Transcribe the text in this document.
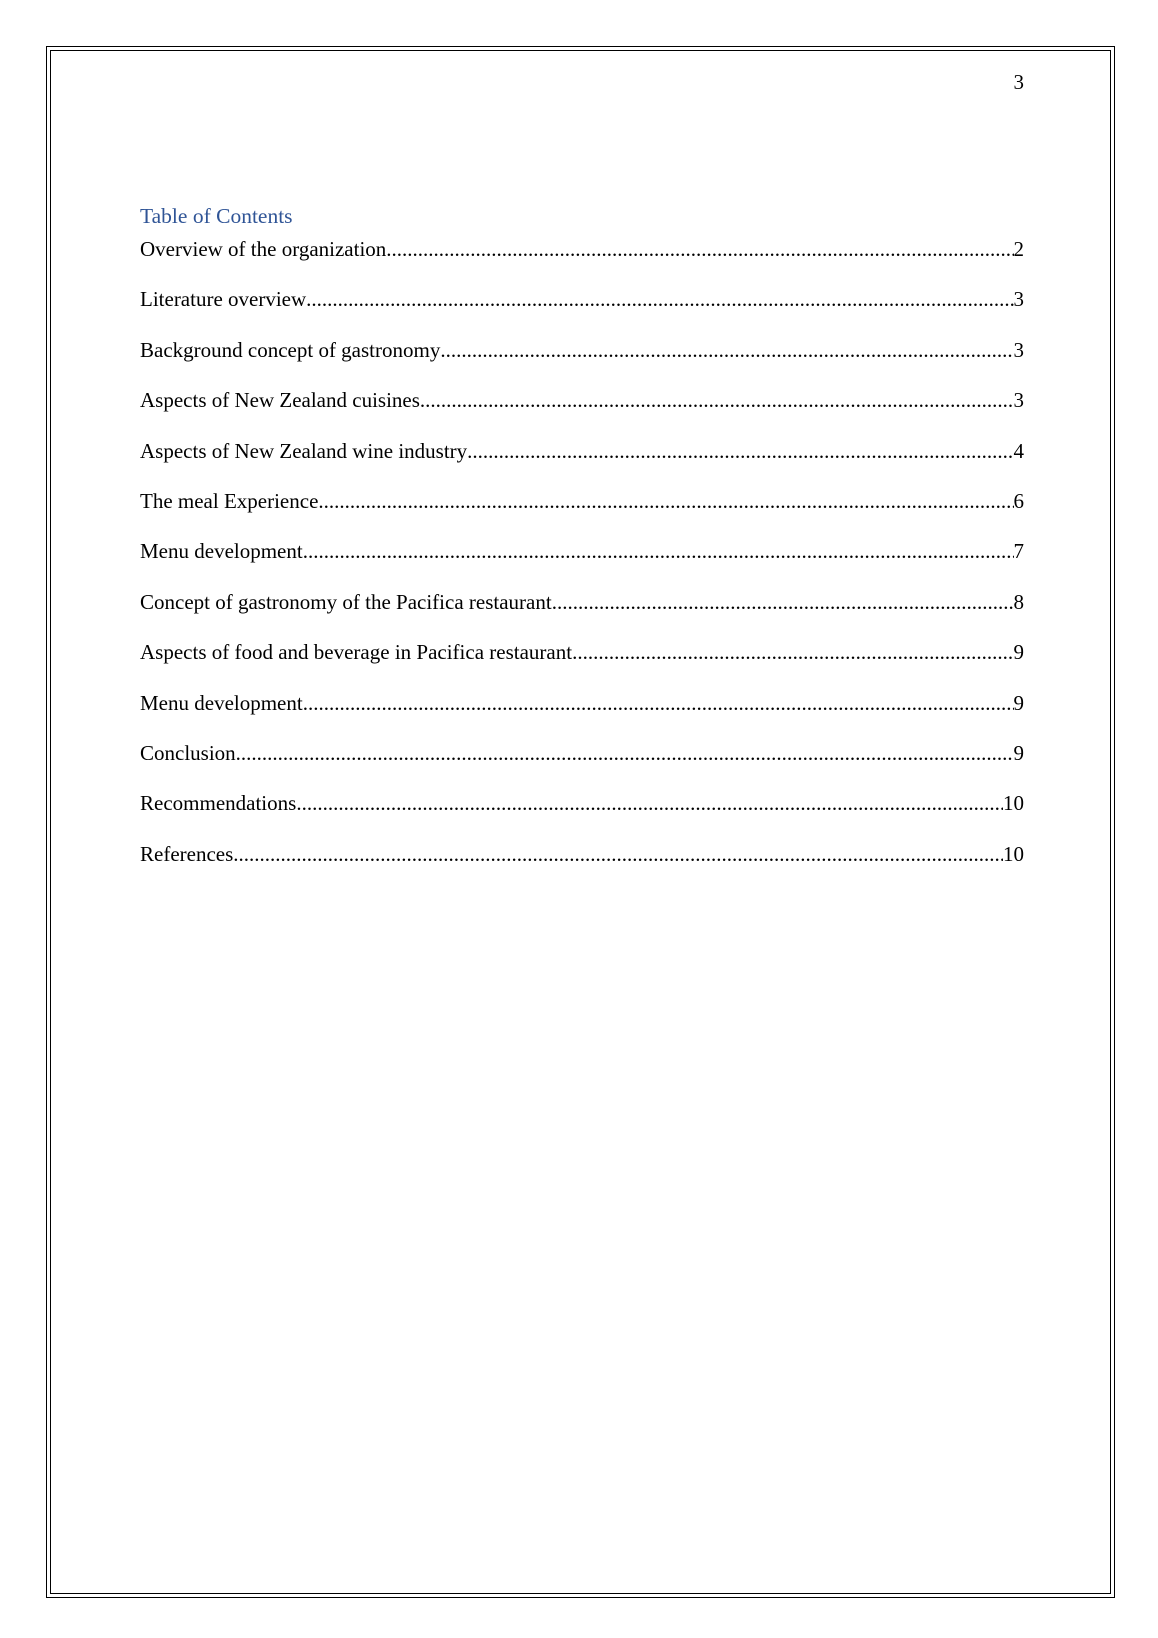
3
Table of Contents
Overview of the organization .....	2
Literature overview .....	3
Background concept of gastronomy .....	3
Aspects of New Zealand cuisines .....	3
Aspects of New Zealand wine industry .....	4
The meal Experience .....	6
Menu development .....	7
Concept of gastronomy of the Pacifica restaurant .....	8
Aspects of food and beverage in Pacifica restaurant .....	9
Menu development .....	9
Conclusion .....	9
Recommendations .....	10
References .....	10
